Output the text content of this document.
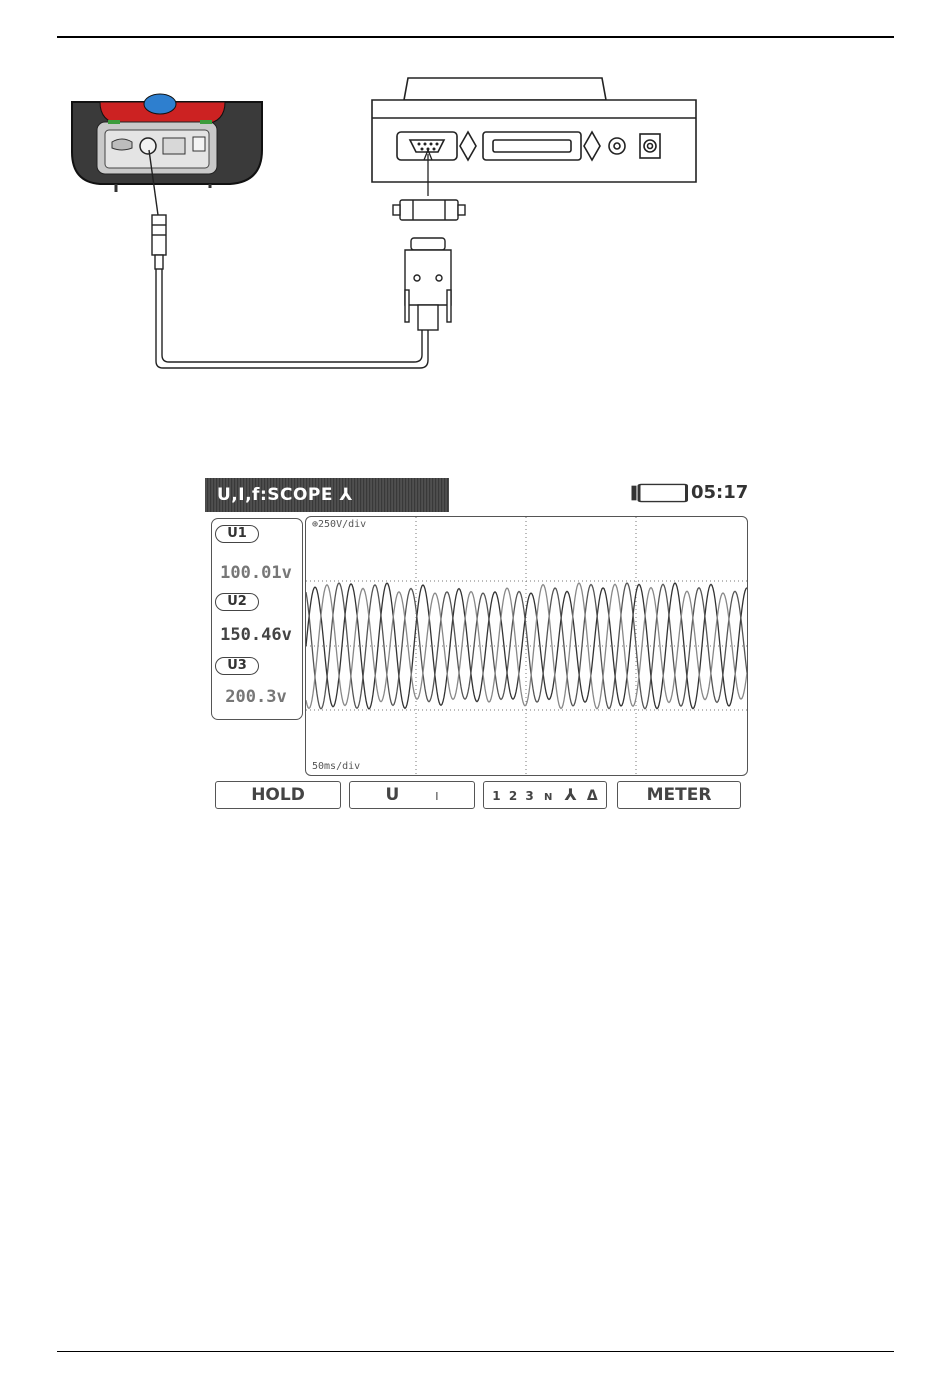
U,I,f:SCOPE ⅄	05:17
U1
100.01v
U2
150.46v
U3
200.3v
⊕250V/div
50ms/div
HOLD	U	I	1 2 3 N ⅄ Δ	METER
